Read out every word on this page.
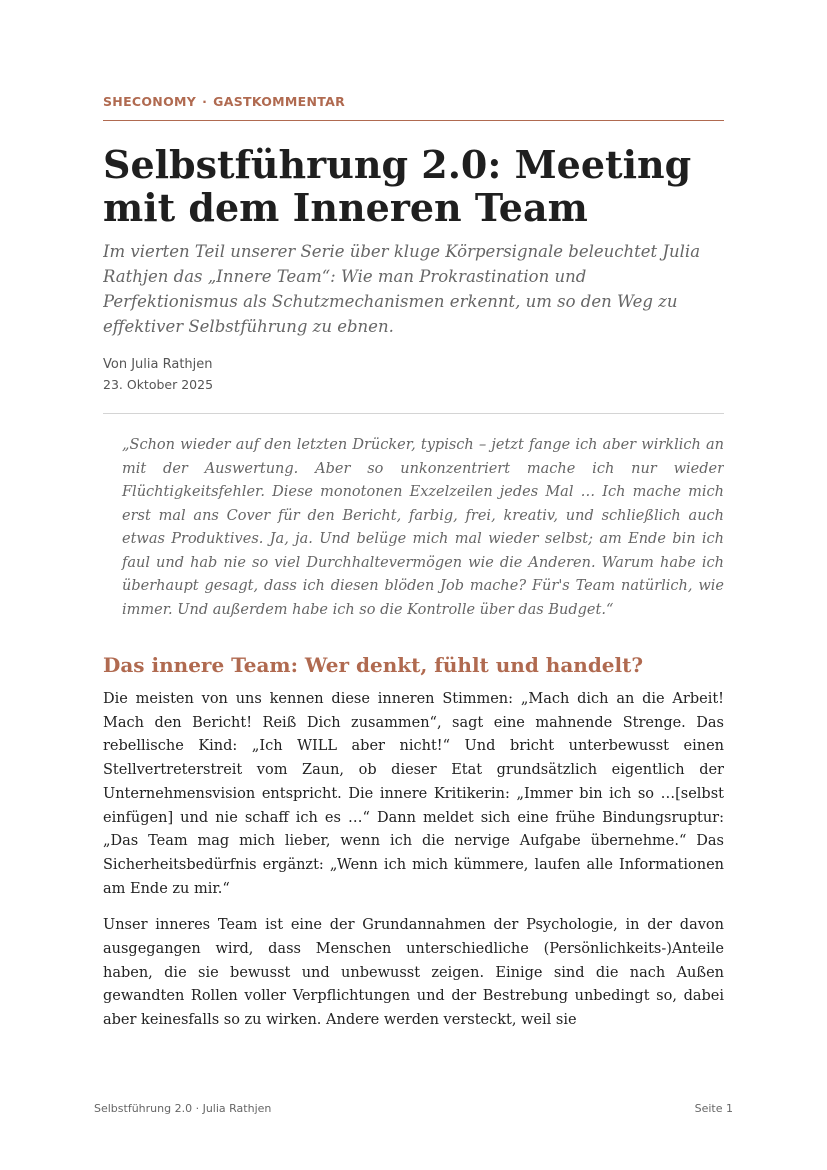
SHECONOMY · GASTKOMMENTAR
Selbstführung 2.0: Meeting mit dem Inneren Team

Im vierten Teil unserer Serie über kluge Körpersignale beleuchtet Julia Rathjen das „Innere Team“: Wie man Prokrastination und Perfektionismus als Schutzmechanismen erkennt, um so den Weg zu effektiver Selbstführung zu ebnen.

Von Julia Rathjen
23. Oktober 2025
„Schon wieder auf den letzten Drücker, typisch – jetzt fange ich aber wirklich an mit der Auswertung. Aber so unkonzentriert mache ich nur wieder Flüchtigkeitsfehler. Diese monotonen Exzelzeilen jedes Mal … Ich mache mich erst mal ans Cover für den Bericht, farbig, frei, kreativ, und schließlich auch etwas Produktives. Ja, ja. Und belüge mich mal wieder selbst; am Ende bin ich faul und hab nie so viel Durchhaltevermögen wie die Anderen. Warum habe ich überhaupt gesagt, dass ich diesen blöden Job mache? Für's Team natürlich, wie immer. Und außerdem habe ich so die Kontrolle über das Budget.“
Das innere Team: Wer denkt, fühlt und handelt?

Die meisten von uns kennen diese inneren Stimmen: „Mach dich an die Arbeit! Mach den Bericht! Reiß Dich zusammen“, sagt eine mahnende Strenge. Das rebellische Kind: „Ich WILL aber nicht!“ Und bricht unterbewusst einen Stellvertreterstreit vom Zaun, ob dieser Etat grundsätzlich eigentlich der Unternehmensvision entspricht. Die innere Kritikerin: „Immer bin ich so …[selbst einfügen] und nie schaff ich es …“ Dann meldet sich eine frühe Bindungsruptur: „Das Team mag mich lieber, wenn ich die nervige Aufgabe übernehme.“ Das Sicherheitsbedürfnis ergänzt: „Wenn ich mich kümmere, laufen alle Informationen am Ende zu mir.“

Unser inneres Team ist eine der Grundannahmen der Psychologie, in der davon ausgegangen wird, dass Menschen unterschiedliche (Persönlichkeits-)Anteile haben, die sie bewusst und unbewusst zeigen. Einige sind die nach Außen gewandten Rollen voller Verpflichtungen und der Bestrebung unbedingt so, dabei aber keinesfalls so zu wirken. Andere werden versteckt, weil sie

Selbstführung 2.0 · Julia Rathjen	Seite 1
